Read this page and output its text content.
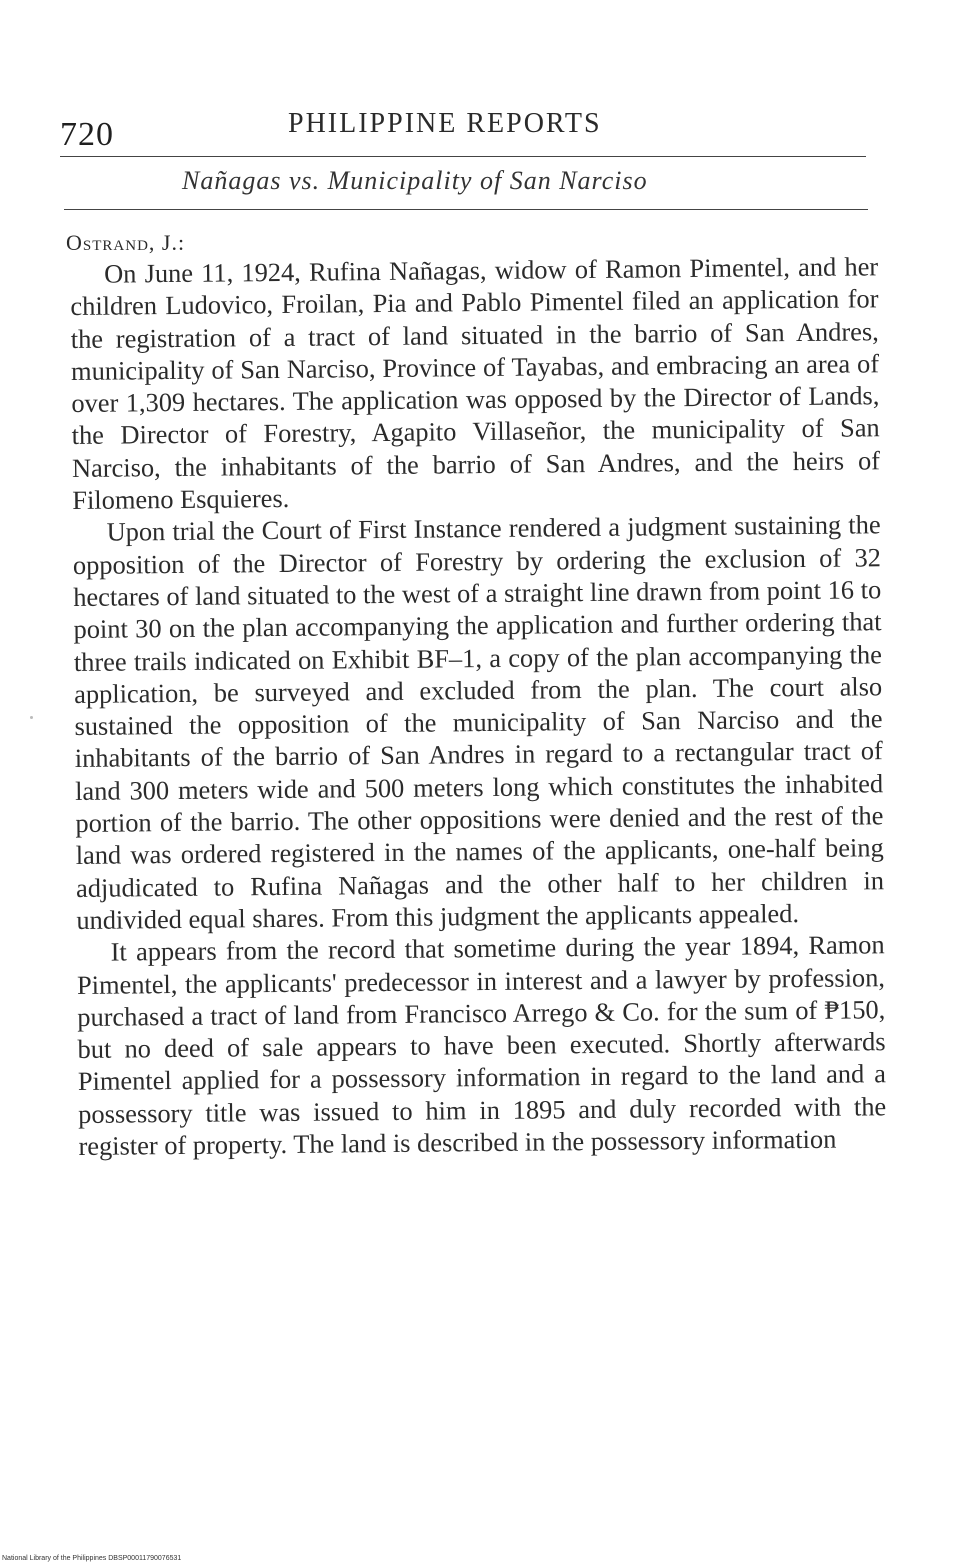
720	PHILIPPINE REPORTS
Nañagas vs. Municipality of San Narciso
Ostrand, J.:

On June 11, 1924, Rufina Nañagas, widow of Ramon Pimentel, and her children Ludovico, Froilan, Pia and Pablo Pimentel filed an application for the registration of a tract of land situated in the barrio of San Andres, municipality of San Narciso, Province of Tayabas, and embracing an area of over 1,309 hectares. The application was opposed by the Director of Lands, the Director of Forestry, Agapito Villaseñor, the municipality of San Narciso, the inhabitants of the barrio of San Andres, and the heirs of Filomeno Esquieres.

Upon trial the Court of First Instance rendered a judgment sustaining the opposition of the Director of Forestry by ordering the exclusion of 32 hectares of land situated to the west of a straight line drawn from point 16 to point 30 on the plan accompanying the application and further ordering that three trails indicated on Exhibit BF–1, a copy of the plan accompanying the application, be surveyed and excluded from the plan. The court also sustained the opposition of the municipality of San Narciso and the inhabitants of the barrio of San Andres in regard to a rectangular tract of land 300 meters wide and 500 meters long which constitutes the inhabited portion of the barrio. The other oppositions were denied and the rest of the land was ordered registered in the names of the applicants, one-half being adjudicated to Rufina Nañagas and the other half to her children in undivided equal shares. From this judgment the applicants appealed.

It appears from the record that sometime during the year 1894, Ramon Pimentel, the applicants' predecessor in interest and a lawyer by profession, purchased a tract of land from Francisco Arrego & Co. for the sum of ₱150, but no deed of sale appears to have been executed. Shortly afterwards Pimentel applied for a possessory information in regard to the land and a possessory title was issued to him in 1895 and duly recorded with the register of property. The land is described in the possessory information

National Library of the Philippines DBSP00011790076531
